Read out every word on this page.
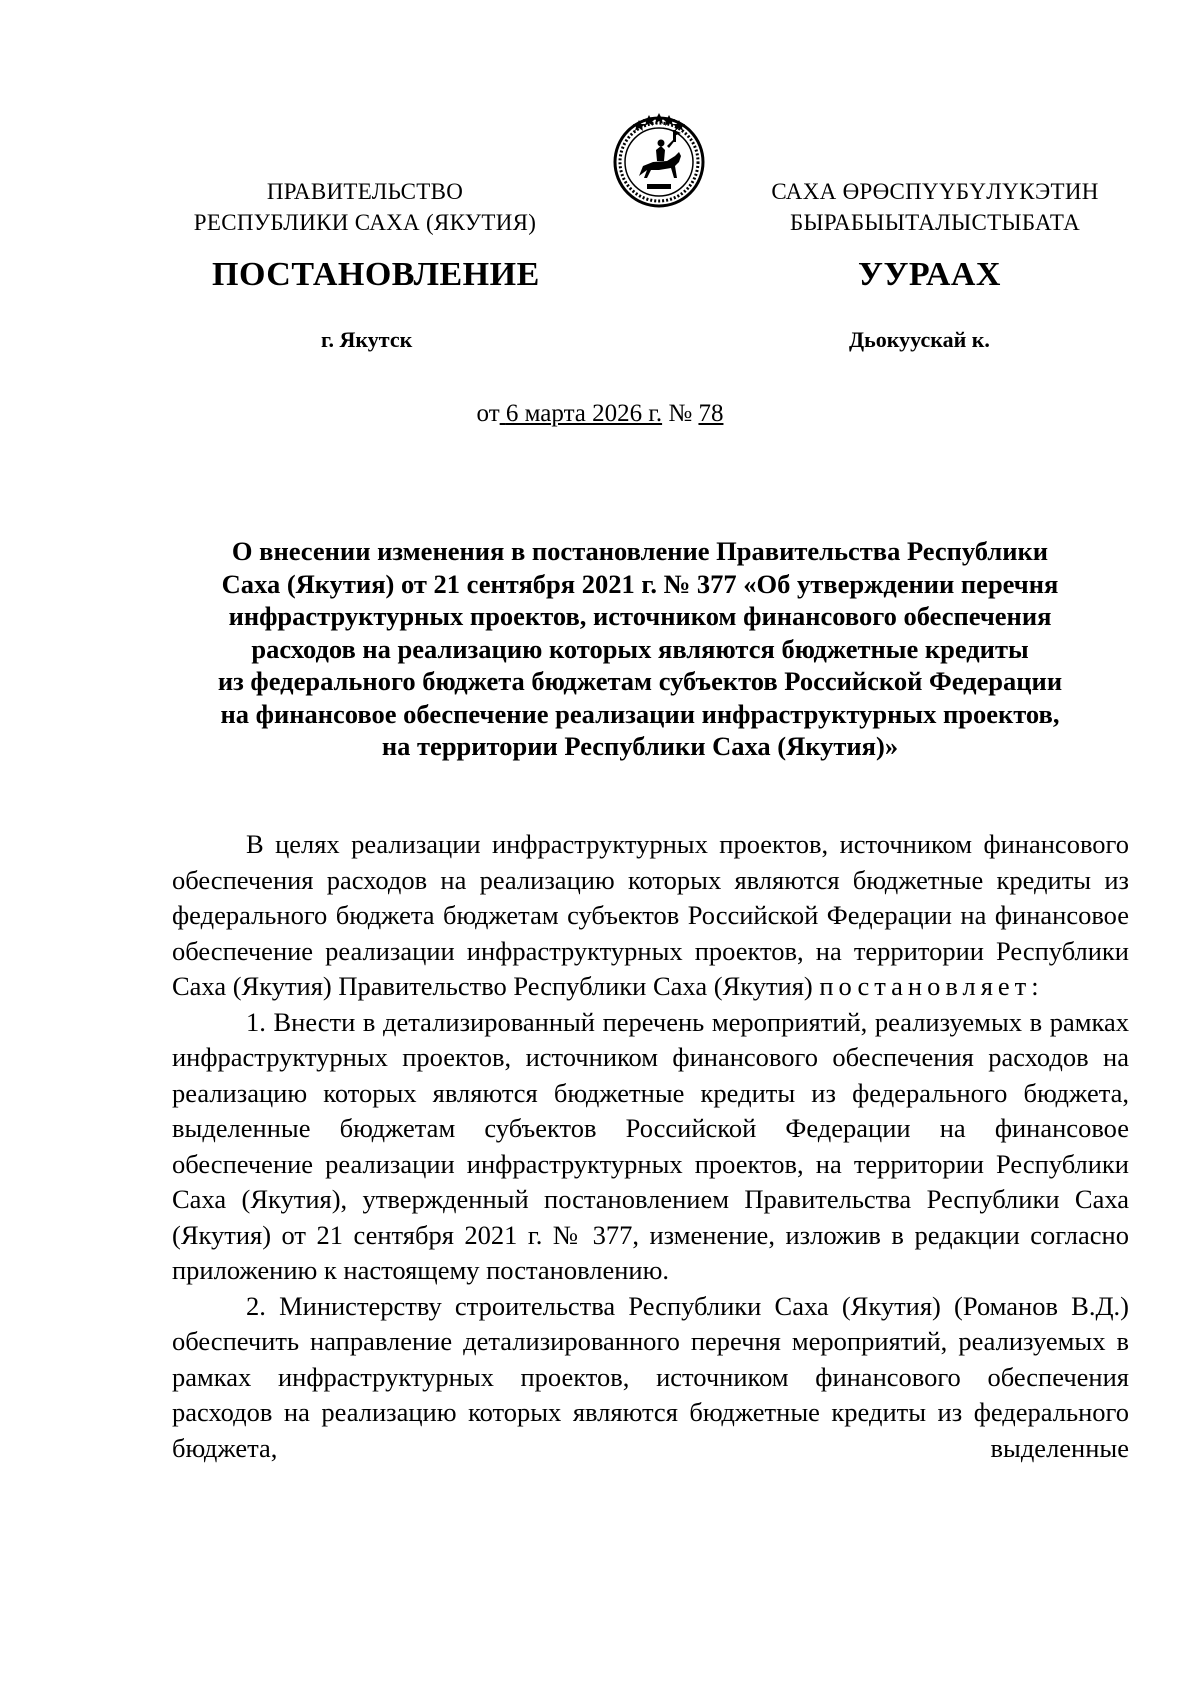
ПРАВИТЕЛЬСТВО
РЕСПУБЛИКИ САХА (ЯКУТИЯ)
САХА ӨРӨСПҮҮБҮЛҮКЭТИН
БЫРАБЫЫТАЛЫСТЫБАТА
ПОСТАНОВЛЕНИЕ	УУРААХ
г. Якутск	Дьокуускай к.
от 6 марта 2026 г. № 78
О внесении изменения в постановление Правительства Республики
Саха (Якутия) от 21 сентября 2021 г. № 377 «Об утверждении перечня
инфраструктурных проектов, источником финансового обеспечения
расходов на реализацию которых являются бюджетные кредиты
из федерального бюджета бюджетам субъектов Российской Федерации
на финансовое обеспечение реализации инфраструктурных проектов,
на территории Республики Саха (Якутия)»

В целях реализации инфраструктурных проектов, источником финансового обеспечения расходов на реализацию которых являются бюджетные кредиты из федерального бюджета бюджетам субъектов Российской Федерации на финансовое обеспечение реализации инфраструктурных проектов, на территории Республики Саха (Якутия) Правительство Республики Саха (Якутия) постановляет:

1. Внести в детализированный перечень мероприятий, реализуемых в рамках инфраструктурных проектов, источником финансового обеспечения расходов на реализацию которых являются бюджетные кредиты из федерального бюджета, выделенные бюджетам субъектов Российской Федерации на финансовое обеспечение реализации инфраструктурных проектов, на территории Республики Саха (Якутия), утвержденный постановлением Правительства Республики Саха (Якутия) от 21 сентября 2021 г. № 377, изменение, изложив в редакции согласно приложению к настоящему постановлению.

2. Министерству строительства Республики Саха (Якутия) (Романов В.Д.) обеспечить направление детализированного перечня мероприятий, реализуемых в рамках инфраструктурных проектов, источником финансового обеспечения расходов на реализацию которых являются бюджетные кредиты из федерального бюджета, выделенные
